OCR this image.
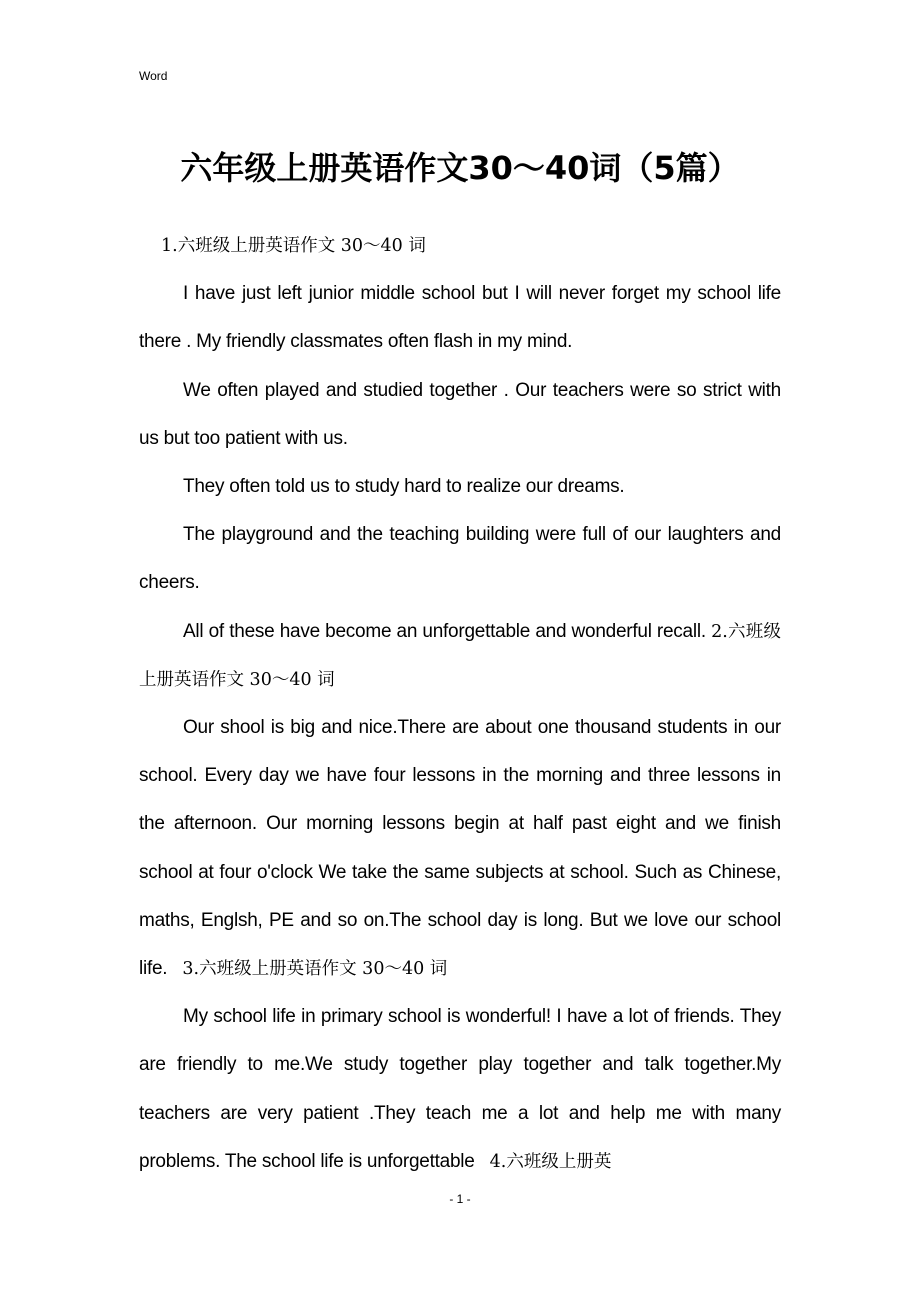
Word
六年级上册英语作文30～40词（5篇）

1.六班级上册英语作文 30～40 词

I have just left junior middle school but I will never forget my school life there . My friendly classmates often flash in my mind.

We often played and studied together . Our teachers were so strict with us but too patient with us.

They often told us to study hard to realize our dreams.

The playground and the teaching building were full of our laughters and cheers.

All of these have become an unforgettable and wonderful recall. 2.六班级上册英语作文 30～40 词

Our shool is big and nice.There are about one thousand students in our school. Every day we have four lessons in the morning and three lessons in the afternoon. Our morning lessons begin at half past eight and we finish school at four o'clock We take the same subjects at school. Such as Chinese, maths, Englsh, PE and so on.The school day is long. But we love our school life. 3.六班级上册英语作文 30～40 词

My school life in primary school is wonderful! I have a lot of friends. They are friendly to me.We study together play together and talk together.My teachers are very patient .They teach me a lot and help me with many problems. The school life is unforgettable 4.六班级上册英

- 1 -
